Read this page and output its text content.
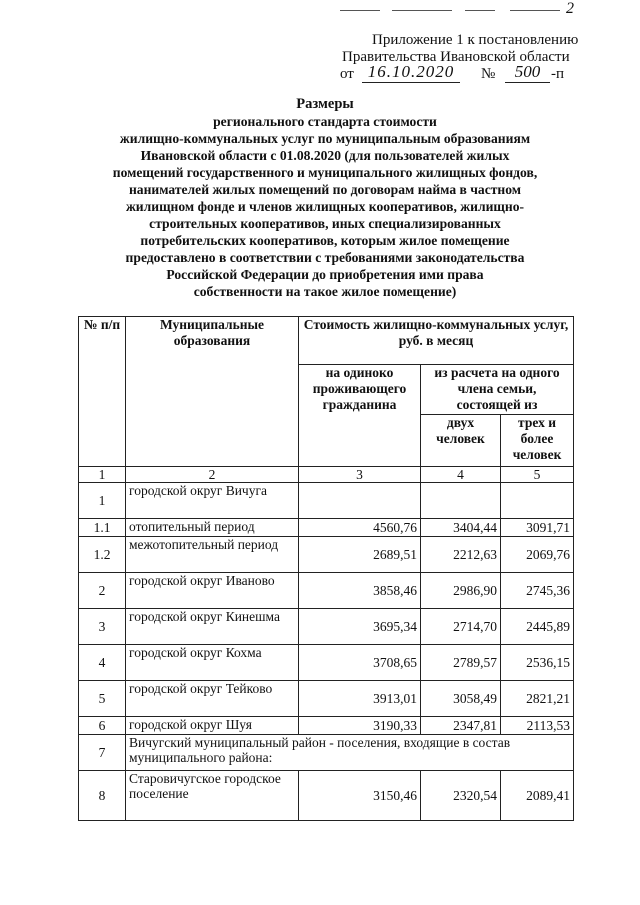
2
Приложение 1 к постановлению
Правительства Ивановской области
от 16.10.2020	№	500 -п
Размеры
регионального стандарта стоимости
жилищно-коммунальных услуг по муниципальным образованиям
Ивановской области с 01.08.2020 (для пользователей жилых
помещений государственного и муниципального жилищных фондов,
нанимателей жилых помещений по договорам найма в частном
жилищном фонде и членов жилищных кооперативов, жилищно-
строительных кооперативов, иных специализированных
потребительских кооперативов, которым жилое помещение
предоставлено в соответствии с требованиями законодательства
Российской Федерации до приобретения ими права
собственности на такое жилое помещение)
№ п/п	Муниципальные образования	Стоимость жилищно-коммунальных услуг, руб. в месяц		
		на одиноко проживающего гражданина	из расчета на одного члена семьи, состоящей из	
			двух человек	трех и более человек
1	2	3	4	5
1	городской округ Вичуга			
1.1	отопительный период	4560,76	3404,44	3091,71
1.2	межотопительный период	2689,51	2212,63	2069,76
2	городской округ Иваново	3858,46	2986,90	2745,36
3	городской округ Кинешма	3695,34	2714,70	2445,89
4	городской округ Кохма	3708,65	2789,57	2536,15
5	городской округ Тейково	3913,01	3058,49	2821,21
6	городской округ Шуя	3190,33	2347,81	2113,53
7	Вичугский муниципальный район - поселения, входящие в состав муниципального района:			
8	Старовичугское городское поселение	3150,46	2320,54	2089,41
